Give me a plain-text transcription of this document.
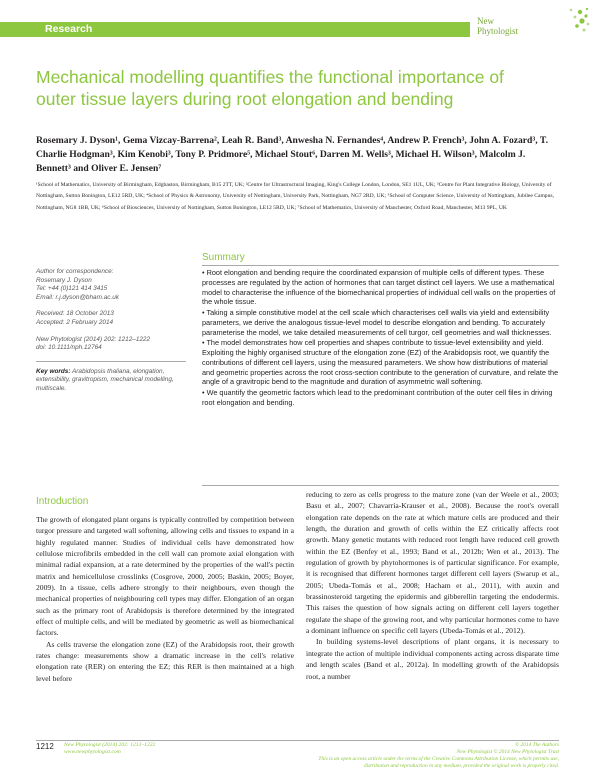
Research
New
Phytologist
Mechanical modelling quantifies the functional importance of
outer tissue layers during root elongation and bending
Rosemary J. Dyson¹, Gema Vizcay-Barrena², Leah R. Band³, Anwesha N. Fernandes⁴, Andrew P. French³, John A. Fozard³, T. Charlie Hodgman³, Kim Kenobi³, Tony P. Pridmore⁵, Michael Stout⁶, Darren M. Wells³, Michael H. Wilson³, Malcolm J. Bennett³ and Oliver E. Jensen⁷
¹School of Mathematics, University of Birmingham, Edgbaston, Birmingham, B15 2TT, UK; ²Centre for Ultrastructural Imaging, King's College London, London, SE1 1UL, UK; ³Centre for Plant Integrative Biology, University of Nottingham, Sutton Bonington, LE12 5RD, UK; ⁴School of Physics & Astronomy, University of Nottingham, University Park, Nottingham, NG7 2RD, UK; ⁵School of Computer Science, University of Nottingham, Jubilee Campus, Nottingham, NG8 1BB, UK; ⁶School of Biosciences, University of Nottingham, Sutton Bonington, LE12 5RD, UK; ⁷School of Mathematics, University of Manchester, Oxford Road, Manchester, M13 9PL, UK
Author for correspondence:
Rosemary J. Dyson
Tel: +44 (0)121 414 3415
Email: r.j.dyson@bham.ac.uk
Received: 18 October 2013
Accepted: 2 February 2014
New Phytologist (2014) 202: 1212–1222
doi: 10.1111/nph.12764
Key words: Arabidopsis thaliana, elongation, extensibility, gravitropism, mechanical modelling, multiscale.
Summary

• Root elongation and bending require the coordinated expansion of multiple cells of different types. These processes are regulated by the action of hormones that can target distinct cell layers. We use a mathematical model to characterise the influence of the biomechanical properties of individual cell walls on the properties of the whole tissue.

• Taking a simple constitutive model at the cell scale which characterises cell walls via yield and extensibility parameters, we derive the analogous tissue-level model to describe elongation and bending. To accurately parameterise the model, we take detailed measurements of cell turgor, cell geometries and wall thicknesses.

• The model demonstrates how cell properties and shapes contribute to tissue-level extensibility and yield. Exploiting the highly organised structure of the elongation zone (EZ) of the Arabidopsis root, we quantify the contributions of different cell layers, using the measured parameters. We show how distributions of material and geometric properties across the root cross-section contribute to the generation of curvature, and relate the angle of a gravitropic bend to the magnitude and duration of asymmetric wall softening.

• We quantify the geometric factors which lead to the predominant contribution of the outer cell files in driving root elongation and bending.

Introduction

The growth of elongated plant organs is typically controlled by competition between turgor pressure and targeted wall softening, allowing cells and tissues to expand in a highly regulated manner. Studies of individual cells have demonstrated how cellulose microfibrils embedded in the cell wall can promote axial elongation with minimal radial expansion, at a rate determined by the properties of the wall's pectin matrix and hemicellulose crosslinks (Cosgrove, 2000, 2005; Baskin, 2005; Boyer, 2009). In a tissue, cells adhere strongly to their neighbours, even though the mechanical properties of neighbouring cell types may differ. Elongation of an organ such as the primary root of Arabidopsis is therefore determined by the integrated effect of multiple cells, and will be mediated by geometric as well as biomechanical factors.

As cells traverse the elongation zone (EZ) of the Arabidopsis root, their growth rates change: measurements show a dramatic increase in the cell's relative elongation rate (RER) on entering the EZ; this RER is then maintained at a high level before

reducing to zero as cells progress to the mature zone (van der Weele et al., 2003; Basu et al., 2007; Chavarría-Krauser et al., 2008). Because the root's overall elongation rate depends on the rate at which mature cells are produced and their length, the duration and growth of cells within the EZ critically affects root growth. Many genetic mutants with reduced root length have reduced cell growth within the EZ (Benfey et al., 1993; Band et al., 2012b; Wen et al., 2013). The regulation of growth by phytohormones is of particular significance. For example, it is recognised that different hormones target different cell layers (Swarup et al., 2005; Ubeda-Tomás et al., 2008; Hacham et al., 2011), with auxin and brassinosteroid targeting the epidermis and gibberellin targeting the endodermis. This raises the question of how signals acting on different cell layers together regulate the shape of the growing root, and why particular hormones come to have a dominant influence on specific cell layers (Ubeda-Tomás et al., 2012).

In building systems-level descriptions of plant organs, it is necessary to integrate the action of multiple individual components acting across disparate time and length scales (Band et al., 2012a). In modelling growth of the Arabidopsis root, a number

1212 New Phytologist (2014) 202: 1212–1222
www.newphytologist.com
© 2014 The Authors
New Phytologist © 2014 New Phytologist Trust
This is an open access article under the terms of the Creative Commons Attribution License, which permits use,
distribution and reproduction in any medium, provided the original work is properly cited.
